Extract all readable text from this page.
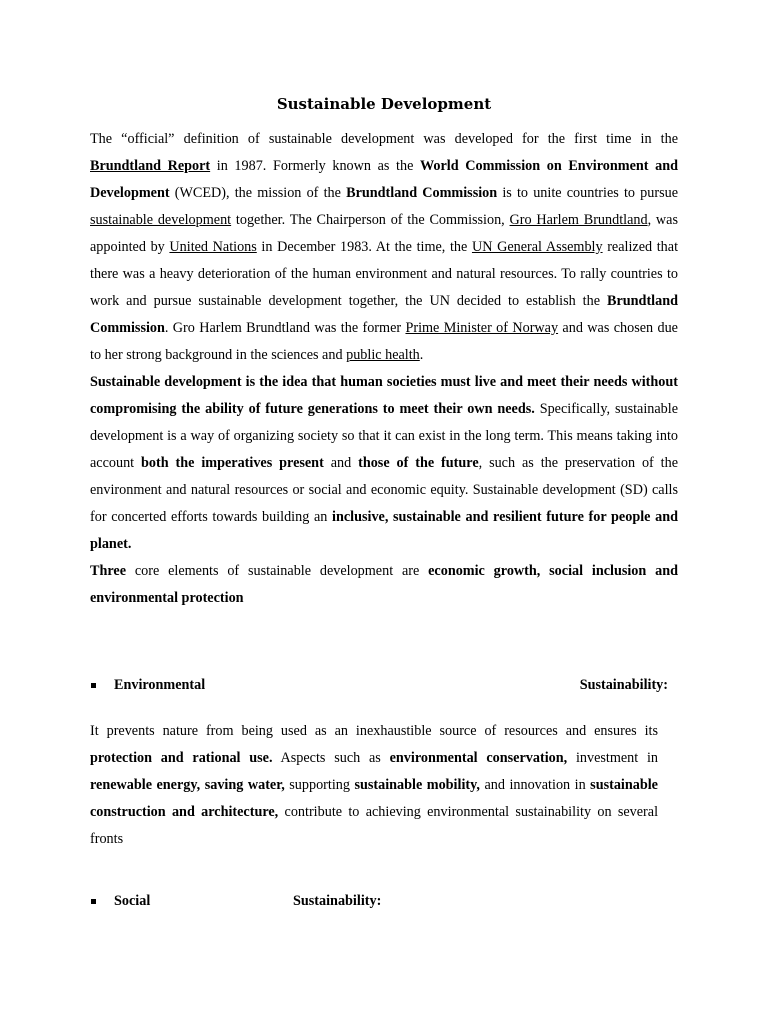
Sustainable Development

The “official” definition of sustainable development was developed for the first time in the Brundtland Report in 1987. Formerly known as the World Commission on Environment and Development (WCED), the mission of the Brundtland Commission is to unite countries to pursue sustainable development together. The Chairperson of the Commission, Gro Harlem Brundtland, was appointed by United Nations in December 1983. At the time, the UN General Assembly realized that there was a heavy deterioration of the human environment and natural resources. To rally countries to work and pursue sustainable development together, the UN decided to establish the Brundtland Commission. Gro Harlem Brundtland was the former Prime Minister of Norway and was chosen due to her strong background in the sciences and public health.

Sustainable development is the idea that human societies must live and meet their needs without compromising the ability of future generations to meet their own needs. Specifically, sustainable development is a way of organizing society so that it can exist in the long term. This means taking into account both the imperatives present and those of the future, such as the preservation of the environment and natural resources or social and economic equity. Sustainable development (SD) calls for concerted efforts towards building an inclusive, sustainable and resilient future for people and planet.

Three core elements of sustainable development are economic growth, social inclusion and environmental protection

Environmental	Sustainability:

It prevents nature from being used as an inexhaustible source of resources and ensures its protection and rational use. Aspects such as environmental conservation, investment in renewable energy, saving water, supporting sustainable mobility, and innovation in sustainable construction and architecture, contribute to achieving environmental sustainability on several fronts

Social	Sustainability:
